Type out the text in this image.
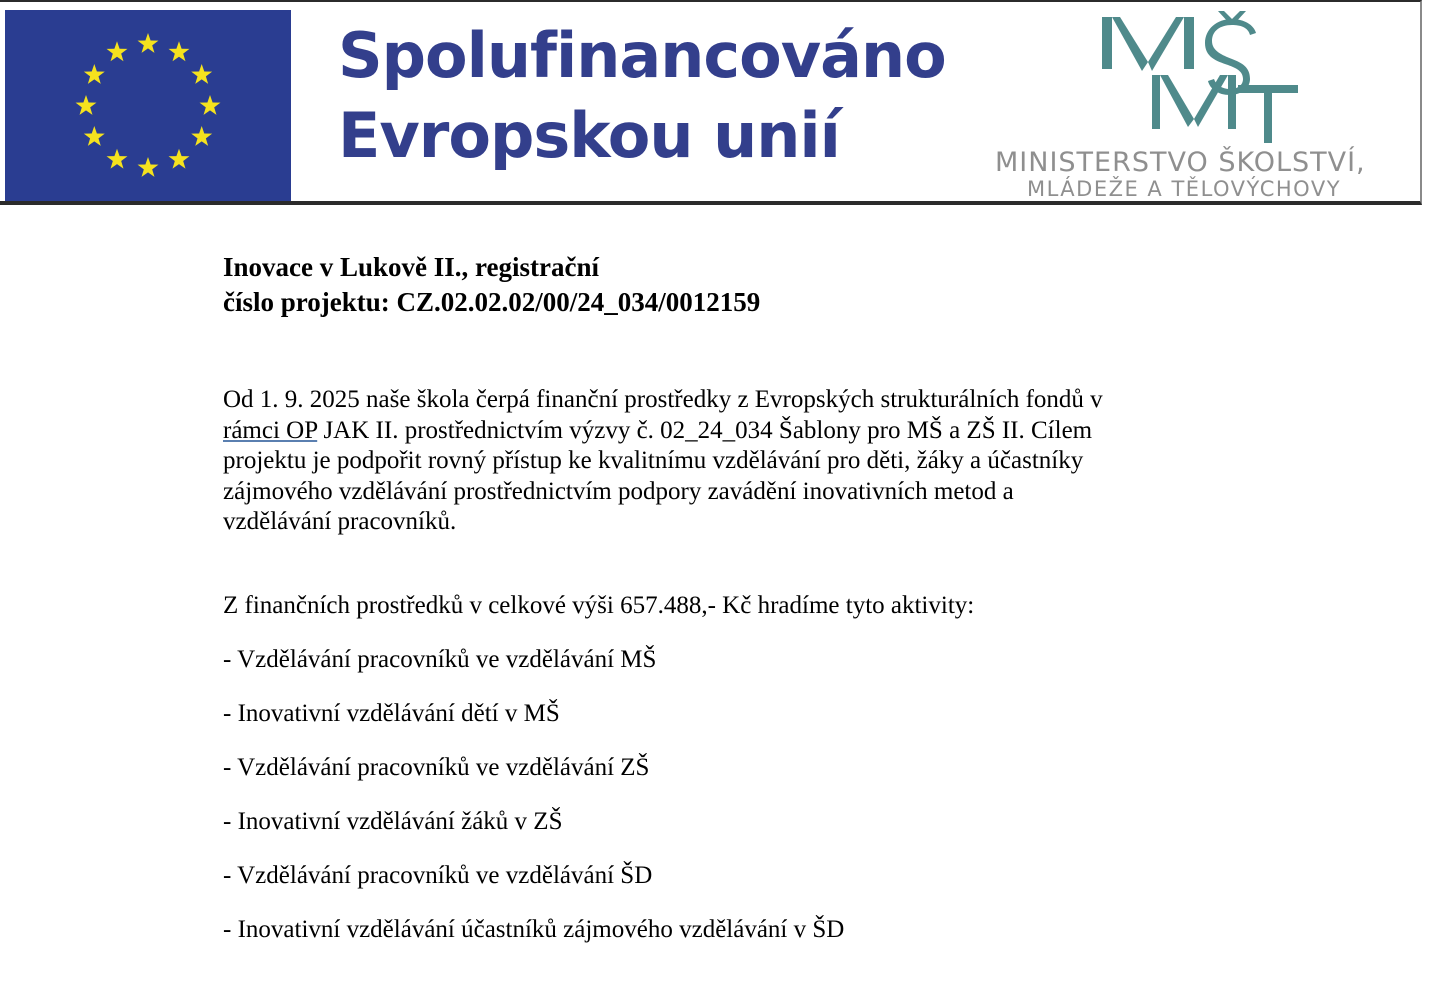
Spolufinancováno
Evropskou unií	MINISTERSTVO ŠKOLSTVÍ,
MLÁDEŽE A TĚLOVÝCHOVY
Inovace v Lukově II., registrační
číslo projektu: CZ.02.02.02/00/24_034/0012159

Od 1. 9. 2025 naše škola čerpá finanční prostředky z Evropských strukturálních fondů v rámci OP JAK II. prostřednictvím výzvy č. 02_24_034 Šablony pro MŠ a ZŠ II. Cílem projektu je podpořit rovný přístup ke kvalitnímu vzdělávání pro děti, žáky a účastníky zájmového vzdělávání prostřednictvím podpory zavádění inovativních metod a vzdělávání pracovníků.

Z finančních prostředků v celkové výši 657.488,- Kč hradíme tyto aktivity:

- Vzdělávání pracovníků ve vzdělávání MŠ
- Inovativní vzdělávání dětí v MŠ
- Vzdělávání pracovníků ve vzdělávání ZŠ
- Inovativní vzdělávání žáků v ZŠ
- Vzdělávání pracovníků ve vzdělávání ŠD
- Inovativní vzdělávání účastníků zájmového vzdělávání v ŠD
